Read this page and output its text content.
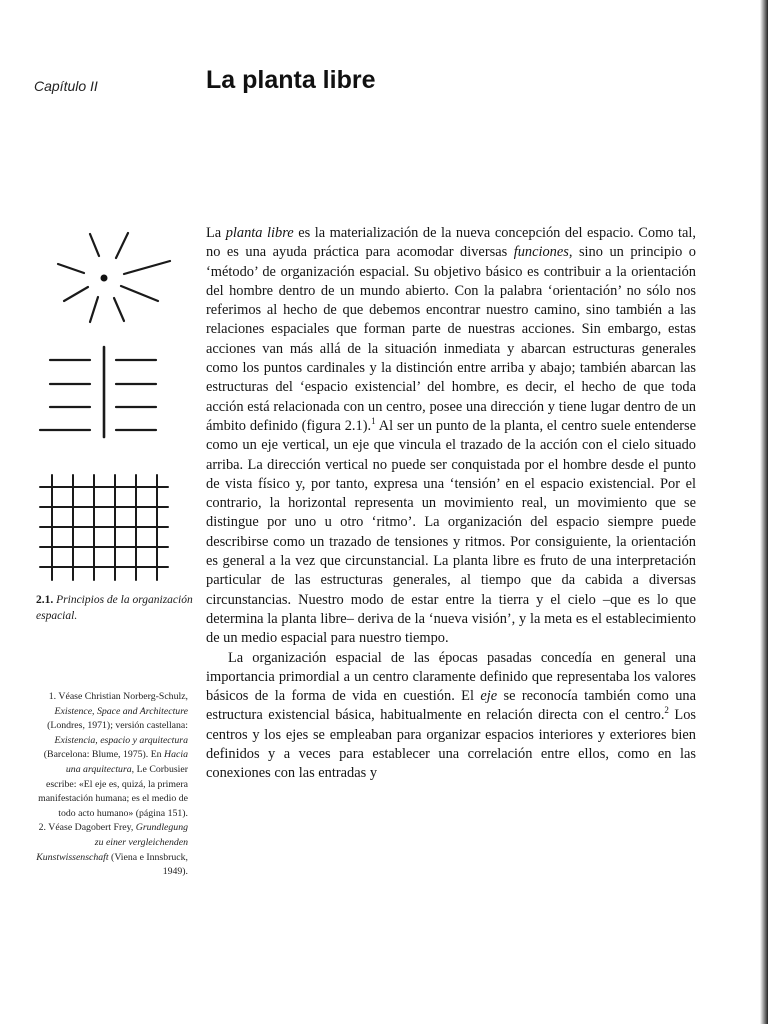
Capítulo II	La planta libre
2.1. Principios de la organización espacial.

1. Véase Christian Norberg-Schulz, Existence, Space and Architecture (Londres, 1971); versión castellana: Existencia, espacio y arquitectura (Barcelona: Blume, 1975). En Hacia una arquitectura, Le Corbusier escribe: «El eje es, quizá, la primera manifestación humana; es el medio de todo acto humano» (página 151).

2. Véase Dagobert Frey, Grundlegung zu einer vergleichenden Kunstwissenschaft (Viena e Innsbruck, 1949).

La planta libre es la materialización de la nueva concepción del espacio. Como tal, no es una ayuda práctica para acomodar diversas funciones, sino un principio o ‘método’ de organización espacial. Su objetivo básico es contribuir a la orientación del hombre dentro de un mundo abierto. Con la palabra ‘orientación’ no sólo nos referimos al hecho de que debemos encontrar nuestro camino, sino también a las relaciones espaciales que forman parte de nuestras acciones. Sin embargo, estas acciones van más allá de la situación inmediata y abarcan estructuras generales como los puntos cardinales y la distinción entre arriba y abajo; también abarcan las estructuras del ‘espacio existencial’ del hombre, es decir, el hecho de que toda acción está relacionada con un centro, posee una dirección y tiene lugar dentro de un ámbito definido (figura 2.1).$^1$ Al ser un punto de la planta, el centro suele entenderse como un eje vertical, un eje que vincula el trazado de la acción con el cielo situado arriba. La dirección vertical no puede ser conquistada por el hombre desde el punto de vista físico y, por tanto, expresa una ‘tensión’ en el espacio existencial. Por el contrario, la horizontal representa un movimiento real, un movimiento que se distingue por uno u otro ‘ritmo’. La organización del espacio siempre puede describirse como un trazado de tensiones y ritmos. Por consiguiente, la orientación es general a la vez que circunstancial. La planta libre es fruto de una interpretación particular de las estructuras generales, al tiempo que da cabida a diversas circunstancias. Nuestro modo de estar entre la tierra y el cielo –que es lo que determina la planta libre– deriva de la ‘nueva visión’, y la meta es el establecimiento de un medio espacial para nuestro tiempo.

La organización espacial de las épocas pasadas concedía en general una importancia primordial a un centro claramente definido que representaba los valores básicos de la forma de vida en cuestión. El eje se reconocía también como una estructura existencial básica, habitualmente en relación directa con el centro.$^2$ Los centros y los ejes se empleaban para organizar espacios interiores y exteriores bien definidos y a veces para establecer una correlación entre ellos, como en las conexiones con las entradas y
